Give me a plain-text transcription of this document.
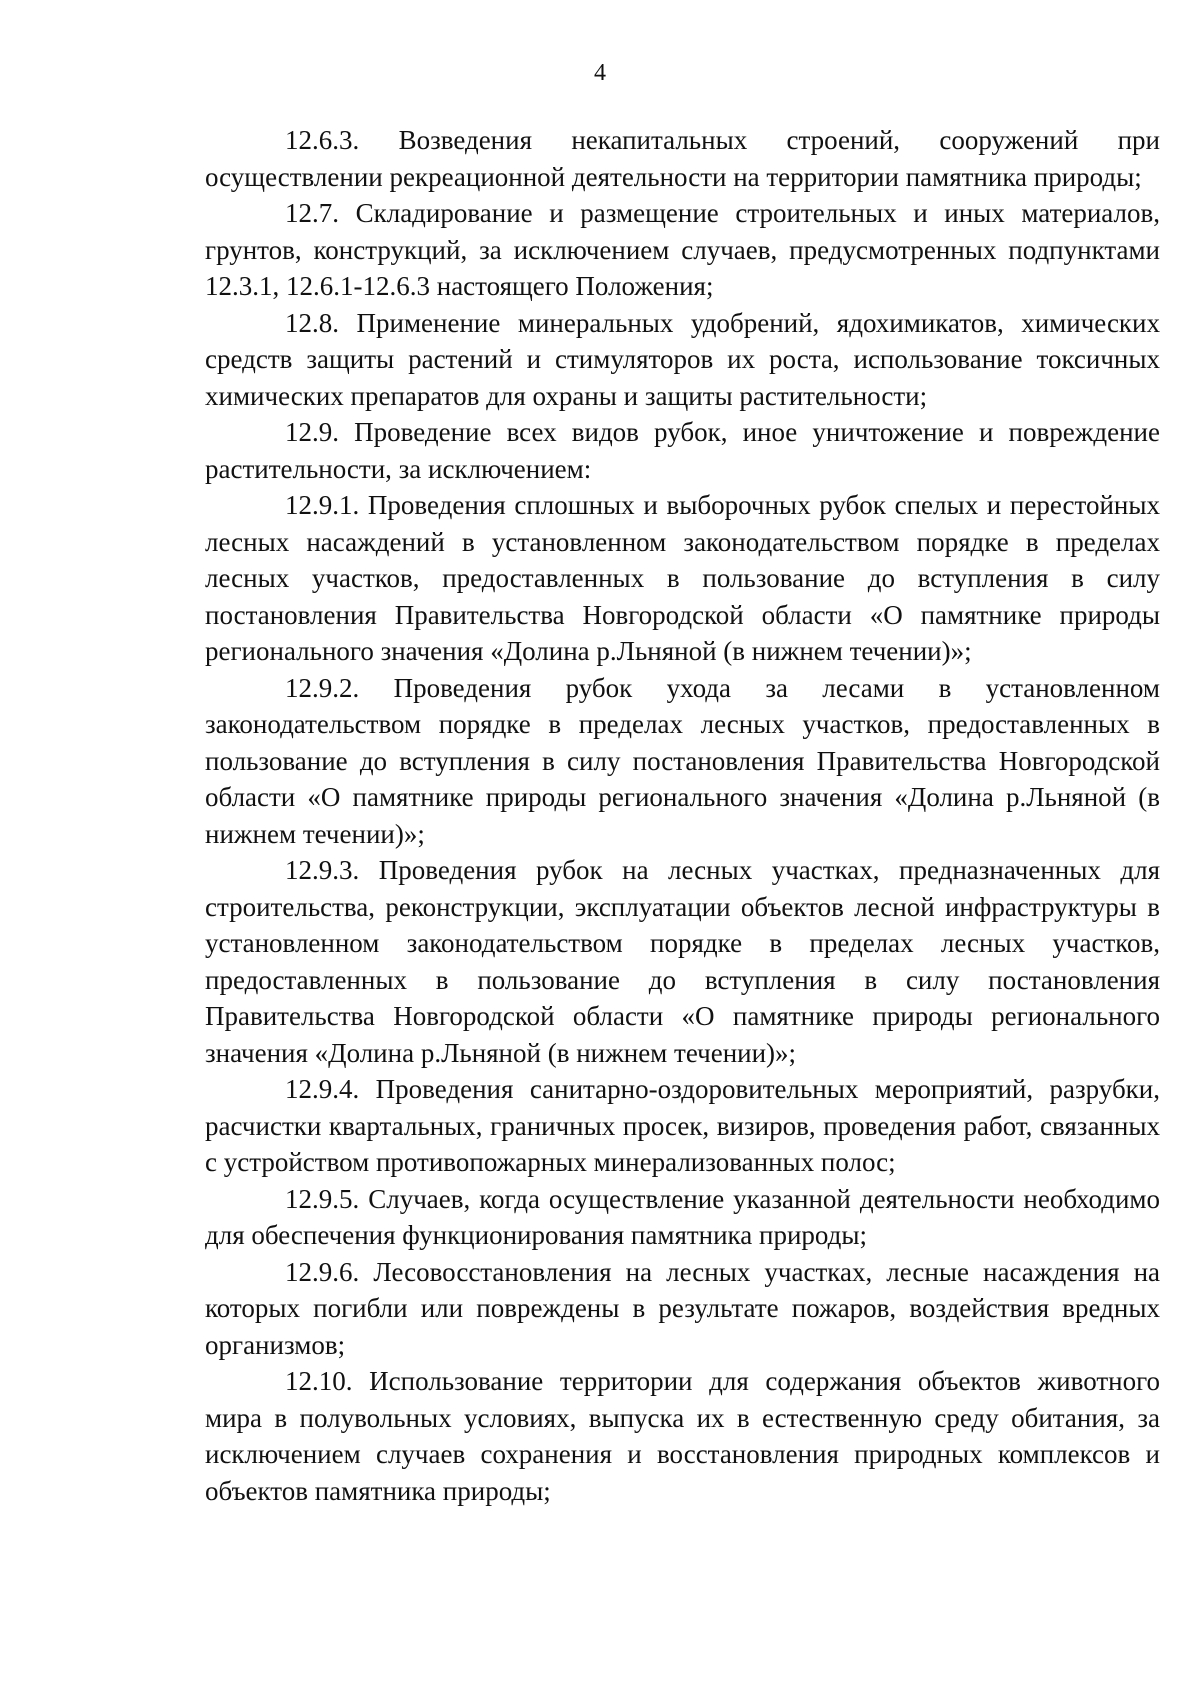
4

12.6.3. Возведения некапитальных строений, сооружений при осуществлении рекреационной деятельности на территории памятника природы;

12.7. Складирование и размещение строительных и иных материалов, грунтов, конструкций, за исключением случаев, предусмотренных подпунктами 12.3.1, 12.6.1-12.6.3 настоящего Положения;

12.8. Применение минеральных удобрений, ядохимикатов, химических средств защиты растений и стимуляторов их роста, использование токсичных химических препаратов для охраны и защиты растительности;

12.9. Проведение всех видов рубок, иное уничтожение и повреждение растительности, за исключением:

12.9.1. Проведения сплошных и выборочных рубок спелых и перестойных лесных насаждений в установленном законодательством порядке в пределах лесных участков, предоставленных в пользование до вступления в силу постановления Правительства Новгородской области «О памятнике природы регионального значения «Долина р.Льняной (в нижнем течении)»;

12.9.2. Проведения рубок ухода за лесами в установленном законодательством порядке в пределах лесных участков, предоставленных в пользование до вступления в силу постановления Правительства Новгородской области «О памятнике природы регионального значения «Долина р.Льняной (в нижнем течении)»;

12.9.3. Проведения рубок на лесных участках, предназначенных для строительства, реконструкции, эксплуатации объектов лесной инфраструктуры в установленном законодательством порядке в пределах лесных участков, предоставленных в пользование до вступления в силу постановления Правительства Новгородской области «О памятнике природы регионального значения «Долина р.Льняной (в нижнем течении)»;

12.9.4. Проведения санитарно-оздоровительных мероприятий, разрубки, расчистки квартальных, граничных просек, визиров, проведения работ, связанных с устройством противопожарных минерализованных полос;

12.9.5. Случаев, когда осуществление указанной деятельности необходимо для обеспечения функционирования памятника природы;

12.9.6. Лесовосстановления на лесных участках, лесные насаждения на которых погибли или повреждены в результате пожаров, воздействия вредных организмов;

12.10. Использование территории для содержания объектов животного мира в полувольных условиях, выпуска их в естественную среду обитания, за исключением случаев сохранения и восстановления природных комплексов и объектов памятника природы;
